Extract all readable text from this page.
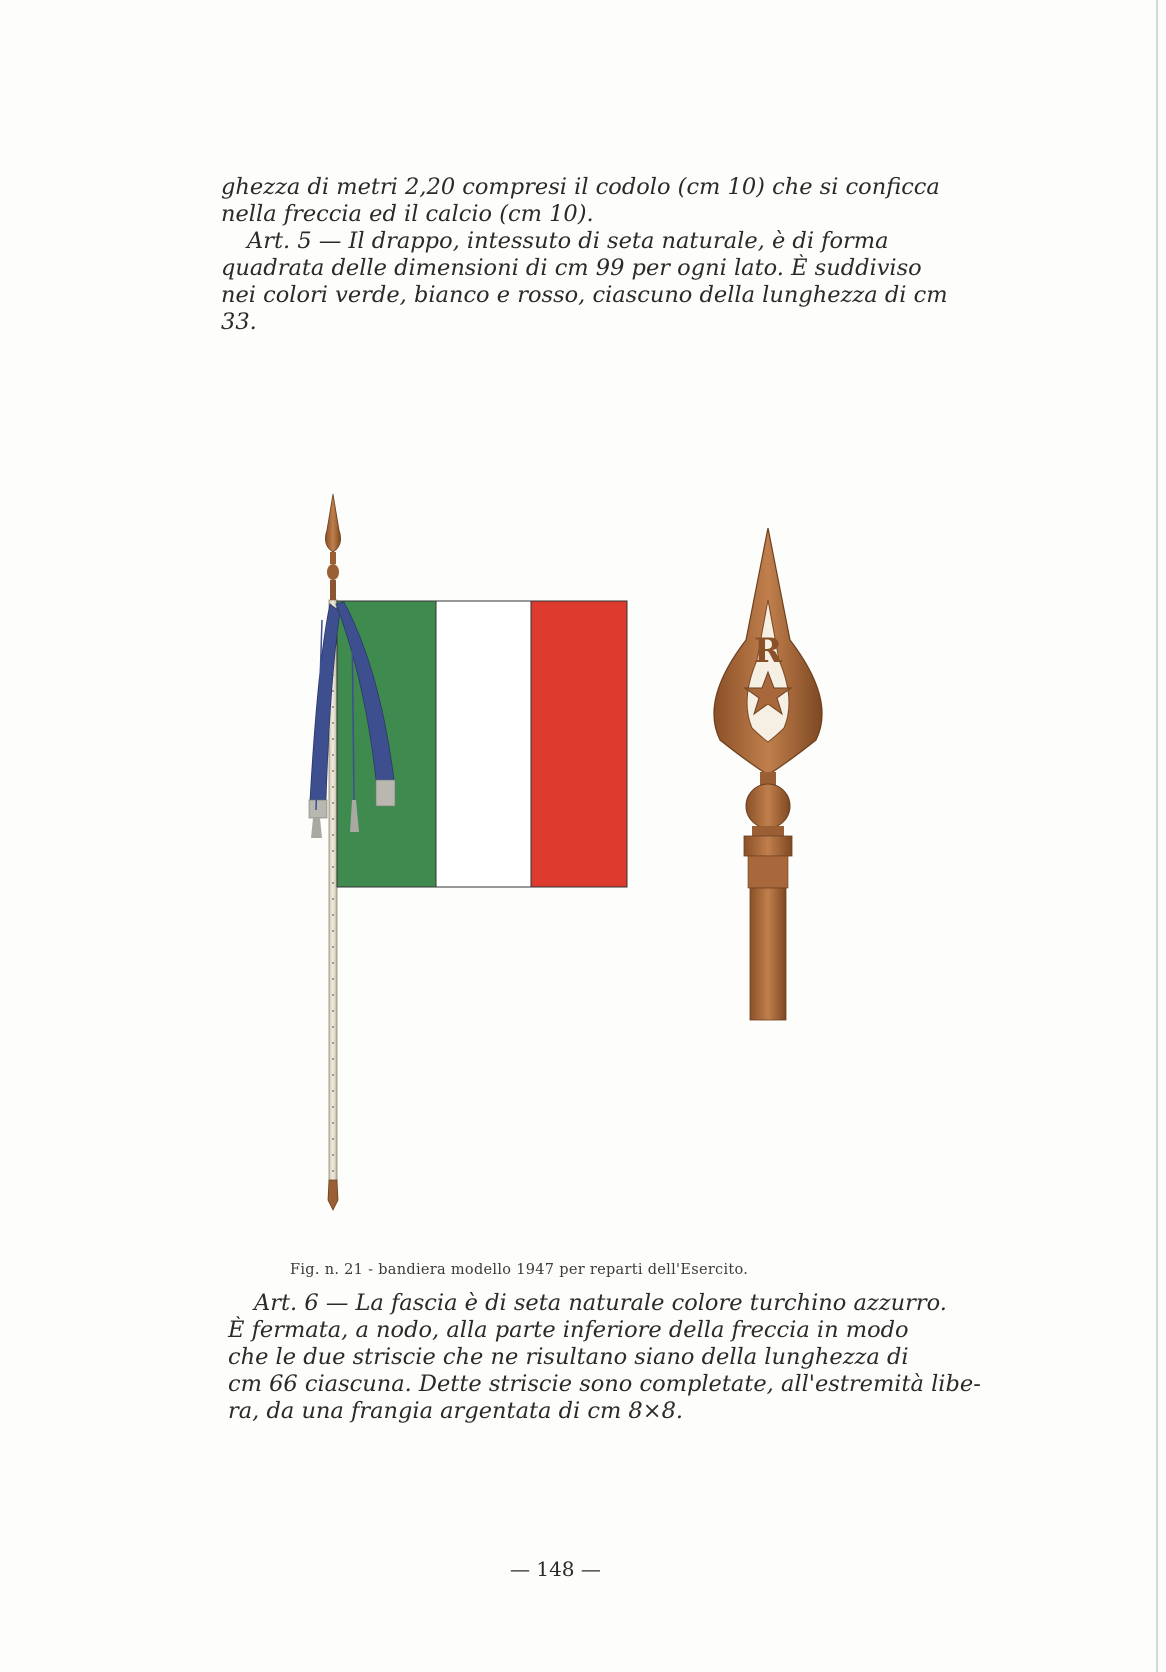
ghezza di metri 2,20 compresi il codolo (cm 10) che si conficca
nella freccia ed il calcio (cm 10).
Art. 5 — Il drappo, intessuto di seta naturale, è di forma
quadrata delle dimensioni di cm 99 per ogni lato. È suddiviso
nei colori verde, bianco e rosso, ciascuno della lunghezza di cm
33.
R
Fig. n. 21 - bandiera modello 1947 per reparti dell'Esercito.
Art. 6 — La fascia è di seta naturale colore turchino azzurro.
È fermata, a nodo, alla parte inferiore della freccia in modo
che le due striscie che ne risultano siano della lunghezza di
cm 66 ciascuna. Dette striscie sono completate, all'estremità libe-
ra, da una frangia argentata di cm 8×8.
— 148 —
